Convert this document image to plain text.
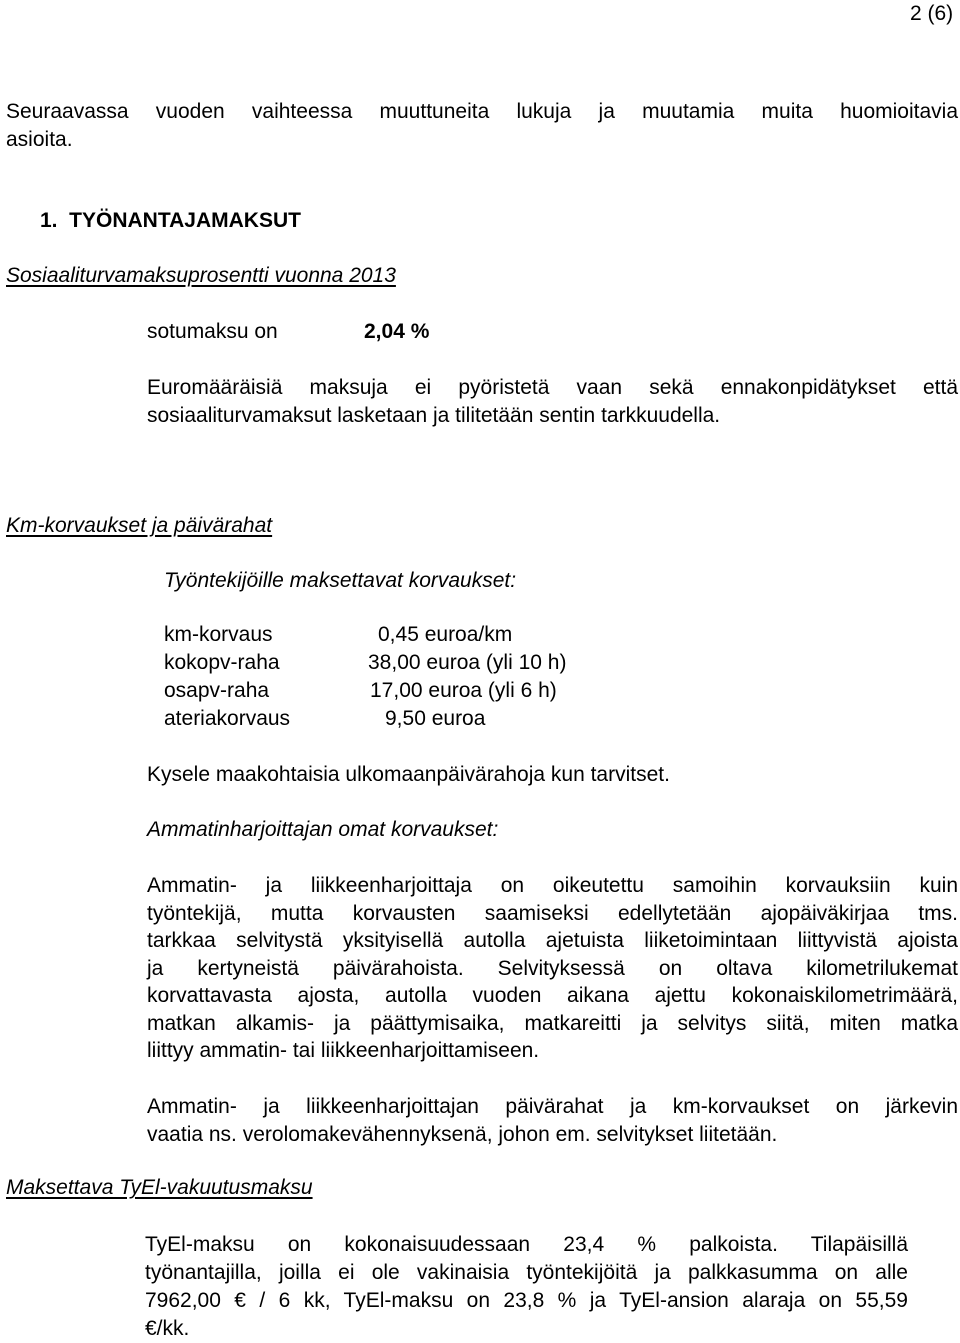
2 (6)
Seuraavassa vuoden vaihteessa muuttuneita lukuja ja muutamia muita huomioitavia
asioita.
1.  TYÖNANTAJAMAKSUT
Sosiaaliturvamaksuprosentti vuonna 2013
sotumaksu on	2,04 %
Euromääräisiä maksuja ei pyöristetä vaan sekä ennakonpidätykset että
sosiaaliturvamaksut lasketaan ja tilitetään sentin tarkkuudella.
Km-korvaukset ja päivärahat
Työntekijöille maksettavat korvaukset:
km-korvaus	0,45 euroa/km
kokopv-raha	38,00 euroa (yli 10 h)
osapv-raha	17,00 euroa (yli 6 h)
ateriakorvaus	9,50 euroa
Kysele maakohtaisia ulkomaanpäivärahoja kun tarvitset.
Ammatinharjoittajan omat korvaukset:
Ammatin- ja liikkeenharjoittaja on oikeutettu samoihin korvauksiin kuin
työntekijä, mutta korvausten saamiseksi edellytetään ajopäiväkirjaa tms.
tarkkaa selvitystä yksityisellä autolla ajetuista liiketoimintaan liittyvistä ajoista
ja kertyneistä päivärahoista. Selvityksessä on oltava kilometrilukemat
korvattavasta ajosta, autolla vuoden aikana ajettu kokonaiskilometrimäärä,
matkan alkamis- ja päättymisaika, matkareitti ja selvitys siitä, miten matka
liittyy ammatin- tai liikkeenharjoittamiseen.
Ammatin- ja liikkeenharjoittajan päivärahat ja km-korvaukset on järkevin
vaatia ns. verolomakevähennyksenä, johon em. selvitykset liitetään.
Maksettava TyEl-vakuutusmaksu
TyEl-maksu on kokonaisuudessaan 23,4 % palkoista. Tilapäisillä
työnantajilla, joilla ei ole vakinaisia työntekijöitä ja palkkasumma on alle
7962,00 € / 6 kk, TyEl-maksu on 23,8 % ja TyEl-ansion alaraja on 55,59
€/kk.
